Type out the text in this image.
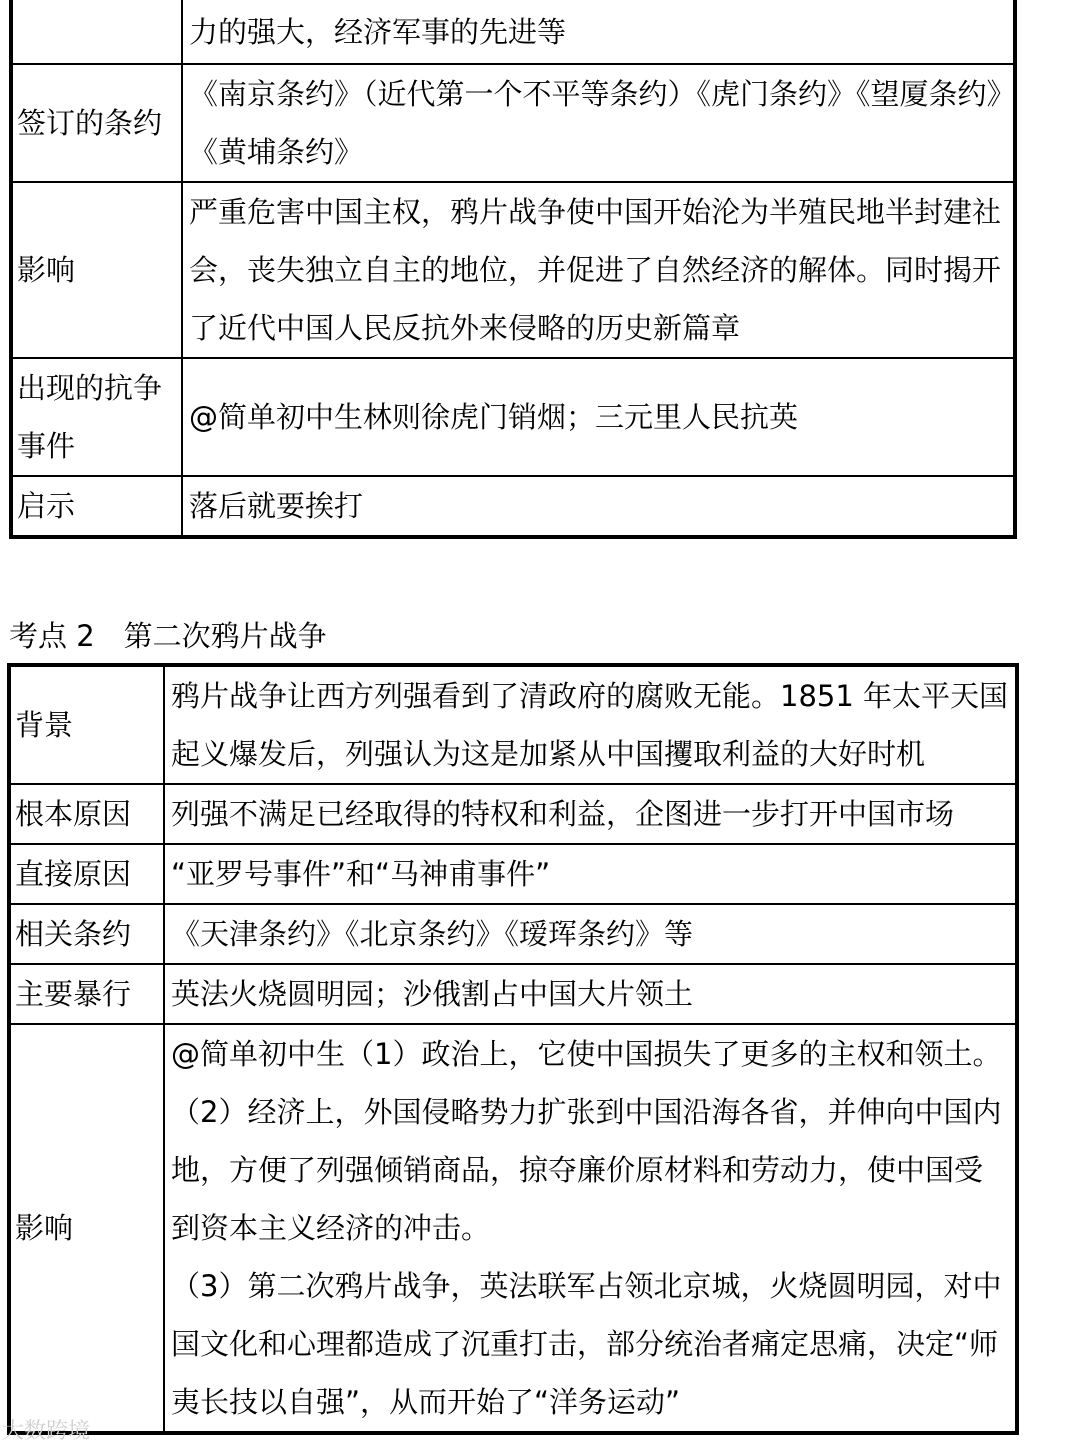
	力的强大，经济军事的先进等
签订的条约	《南京条约》（近代第一个不平等条约）《虎门条约》《望厦条约》《黄埔条约》
影响	严重危害中国主权，鸦片战争使中国开始沦为半殖民地半封建社会，丧失独立自主的地位，并促进了自然经济的解体。同时揭开了近代中国人民反抗外来侵略的历史新篇章
出现的抗争事件	@简单初中生林则徐虎门销烟；三元里人民抗英
启示	落后就要挨打
考点 2　第二次鸦片战争
背景	鸦片战争让西方列强看到了清政府的腐败无能。1851 年太平天国起义爆发后，列强认为这是加紧从中国攫取利益的大好时机
根本原因	列强不满足已经取得的特权和利益，企图进一步打开中国市场
直接原因	“亚罗号事件”和“马神甫事件”
相关条约	《天津条约》《北京条约》《瑷珲条约》等
主要暴行	英法火烧圆明园；沙俄割占中国大片领土
影响	@简单初中生（1）政治上，它使中国损失了更多的主权和领土。
（2）经济上，外国侵略势力扩张到中国沿海各省，并伸向中国内地，方便了列强倾销商品，掠夺廉价原材料和劳动力，使中国受到资本主义经济的冲击。
（3）第二次鸦片战争，英法联军占领北京城，火烧圆明园，对中国文化和心理都造成了沉重打击，部分统治者痛定思痛，决定“师夷长技以自强”，从而开始了“洋务运动”
大数跨境
